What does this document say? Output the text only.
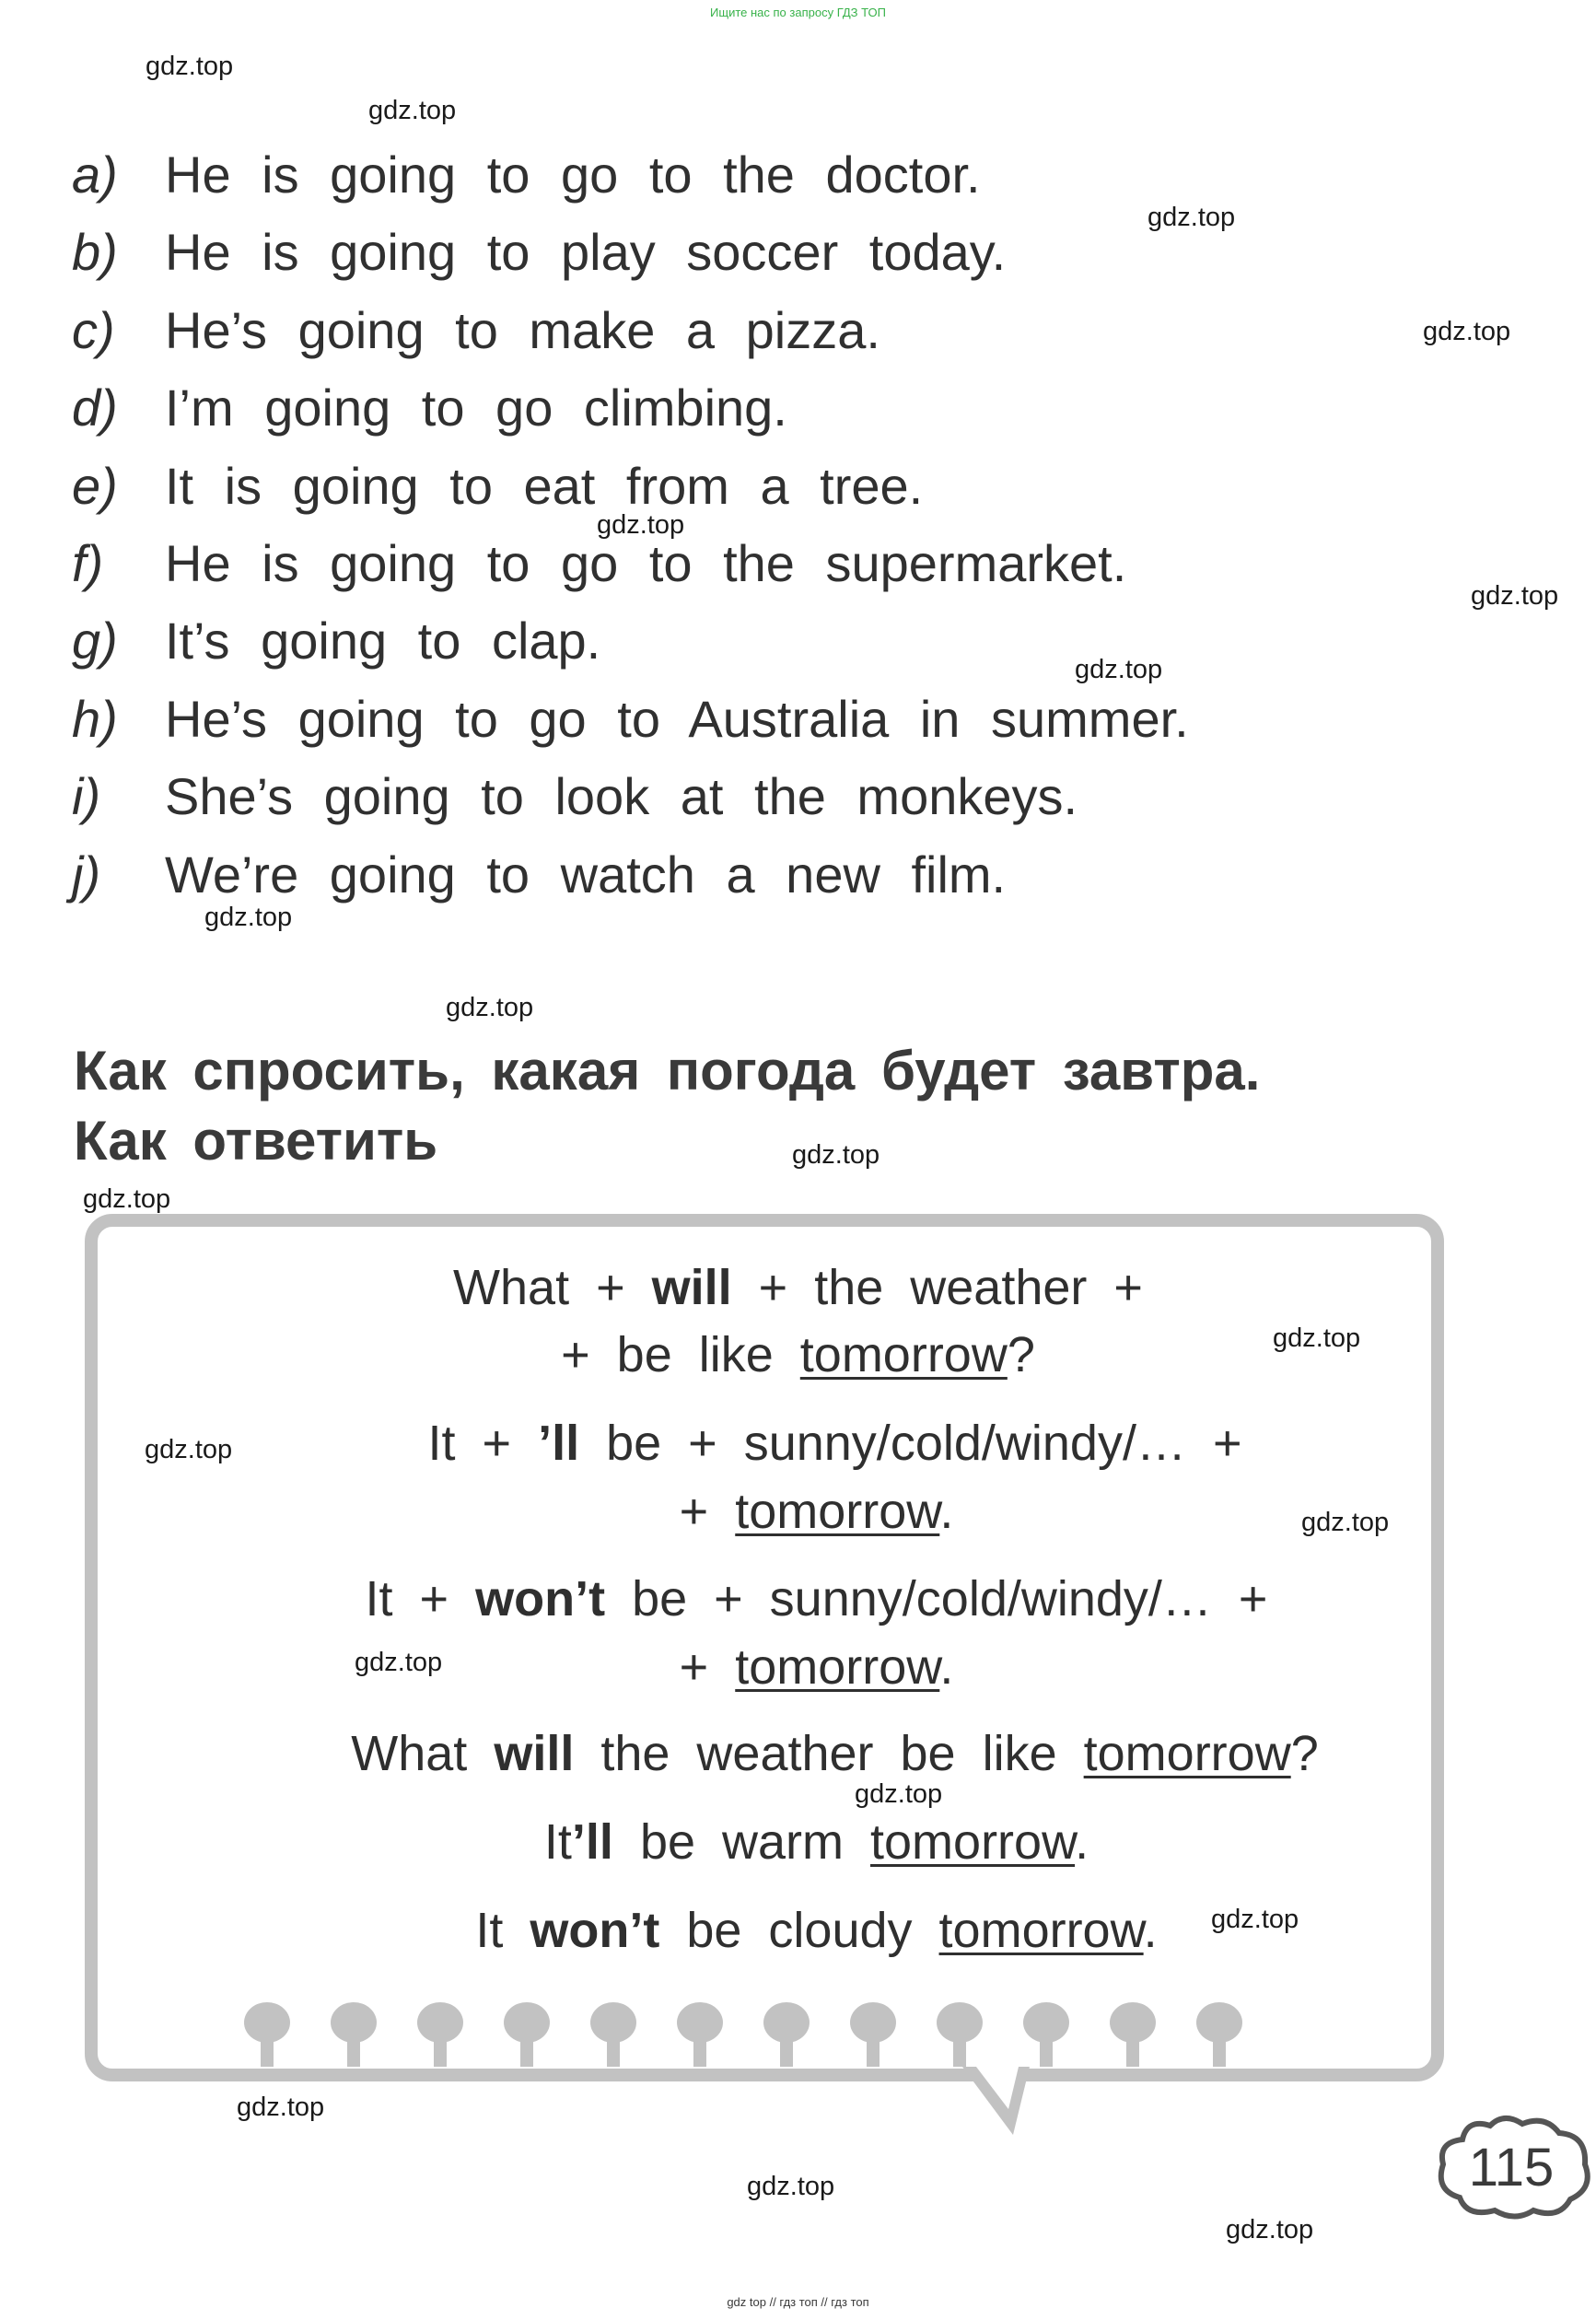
Ищите нас по запросу ГДЗ ТОП
gdz top // гдз топ // гдз топ
a) He is going to go to the doctor.
b) He is going to play soccer today.
c) He’s going to make a pizza.
d) I’m going to go climbing.
e) It is going to eat from a tree.
f) He is going to go to the supermarket.
g) It’s going to clap.
h) He’s going to go to Australia in summer.
i) She’s going to look at the monkeys.
j) We’re going to watch a new film.
Как спросить, какая погода будет завтра.
Как ответить
What + will + the weather +
+ be like tomorrow?
It + ’ll be + sunny/cold/windy/… +
+ tomorrow.
It + won’t be + sunny/cold/windy/… +
+ tomorrow.
What will the weather be like tomorrow?
It’ll be warm tomorrow.
It won’t be cloudy tomorrow.
115
gdz.top
gdz.top
gdz.top
gdz.top
gdz.top
gdz.top
gdz.top
gdz.top
gdz.top
gdz.top
gdz.top
gdz.top
gdz.top
gdz.top
gdz.top
gdz.top
gdz.top
gdz.top
gdz.top
gdz.top
